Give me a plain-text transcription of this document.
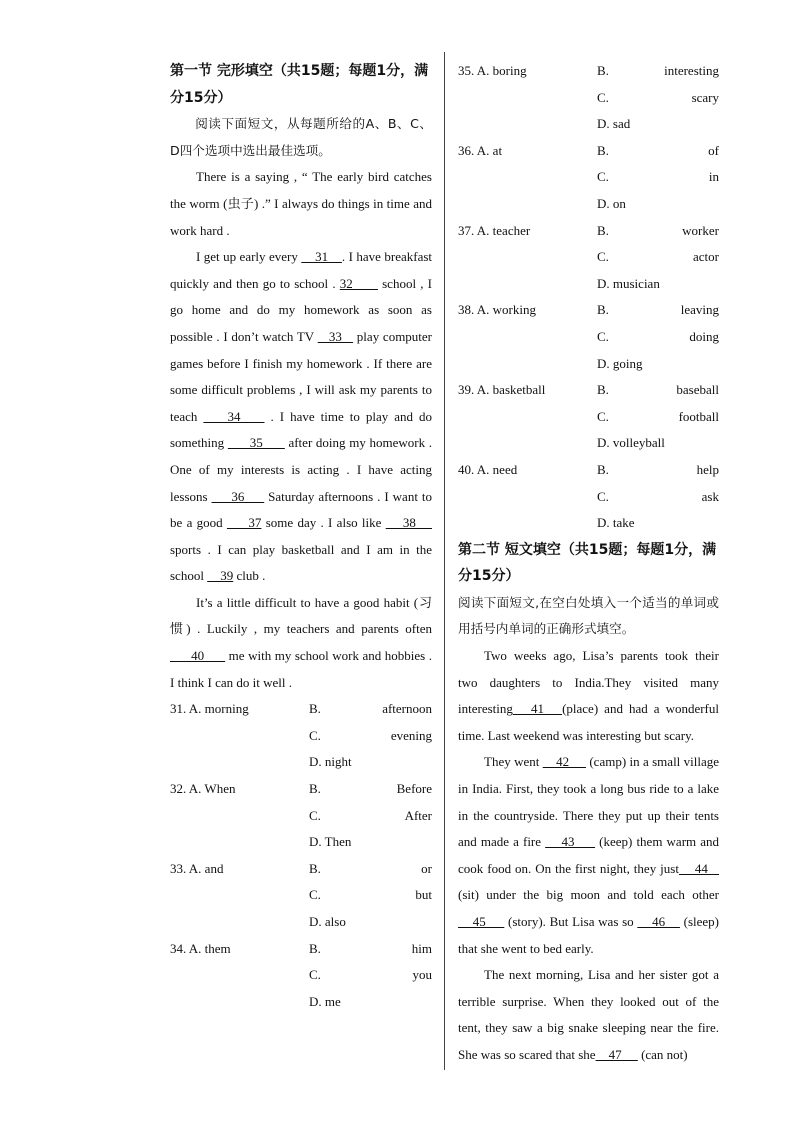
第一节 完形填空（共15题；每题1分，满分15分）

阅读下面短文，从每题所给的A、B、C、D四个选项中选出最佳选项。

There is a saying , “ The early bird catches the worm (虫子) .” I always do things in time and work hard .

I get up early every     31    . I have breakfast quickly and then go to school . 32       school , I go home and do my homework as soon as possible . I don’t watch TV    33    play computer games before I finish my homework . If there are some difficult problems , I will ask my parents to teach     34     . I have time to play and do something       35       after doing my homework . One of my interests is acting . I have acting lessons      36      Saturday afternoons . I want to be a good      37 some day . I also like     38     sports . I can play basketball and I am in the school     39 club .

It’s a little difficult to have a good habit (习惯) . Luckily , my teachers and parents often       40       me with my school work and hobbies . I think I can do it well .

31. A. morning	B.	afternoon
C.	evening
D. night
32. A. When	B.	Before
C.	After
D. Then
33. A. and	B.	or
C.	but
D. also
34. A. them	B.	him
C.	you
D. me
35. A. boring	B.	interesting
C.	scary
D. sad
36. A. at	B.	of
C.	in
D. on
37. A. teacher	B.	worker
C.	actor
D. musician
38. A. working	B.	leaving
C.	doing
D. going
39. A. basketball	B.	baseball
C.	football
D. volleyball
40. A. need	B.	help
C.	ask
D. take
第二节 短文填空（共15题；每题1分，满分15分）

阅读下面短文,在空白处填入一个适当的单词或用括号内单词的正确形式填空。

Two weeks ago, Lisa’s parents took their two daughters to India.They visited many interesting   41   (place) and had a wonderful time. Last weekend was interesting but scary.

They went     42      (camp) in a small village in India. First, they took a long bus ride to a lake in the countryside. There they put up their tents and made a fire     43      (keep) them warm and cook food on. On the first night, they just    44    (sit) under the big moon and told each other     45      (story). But Lisa was so     46     (sleep) that she went to bed early.

The next morning, Lisa and her sister got a terrible surprise. When they looked out of the tent, they saw a big snake sleeping near the fire. She was so scared that she    47      (can not)
